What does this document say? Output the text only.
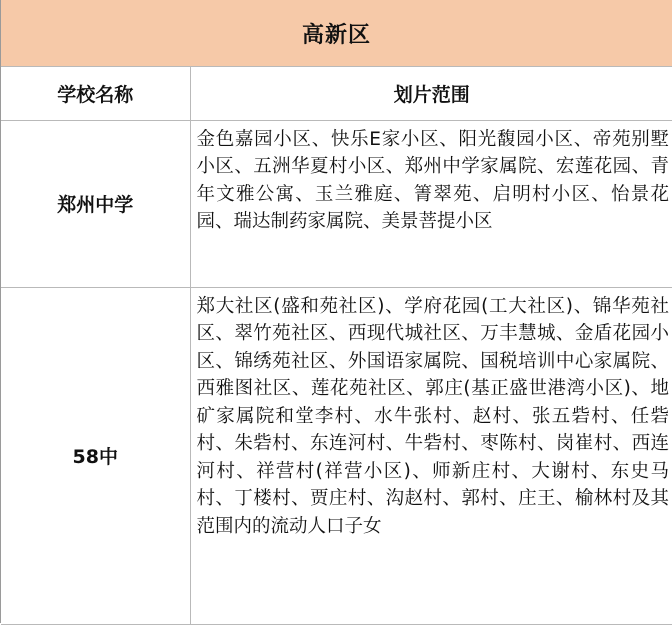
高新区
学校名称	划片范围
郑州中学	金色嘉园小区、快乐E家小区、阳光馥园小区、帝苑别墅小区、五洲华夏村小区、郑州中学家属院、宏莲花园、青年文雅公寓、玉兰雅庭、箐翠苑、启明村小区、怡景花园、瑞达制药家属院、美景菩提小区
58中	郑大社区(盛和苑社区)、学府花园(工大社区)、锦华苑社区、翠竹苑社区、西现代城社区、万丰慧城、金盾花园小区、锦绣苑社区、外国语家属院、国税培训中心家属院、西雅图社区、莲花苑社区、郭庄(基正盛世港湾小区)、地矿家属院和堂李村、水牛张村、赵村、张五砦村、任砦村、朱砦村、东连河村、牛砦村、枣陈村、岗崔村、西连河村、祥营村(祥营小区)、师新庄村、大谢村、东史马村、丁楼村、贾庄村、沟赵村、郭村、庄王、榆林村及其范围内的流动人口子女
